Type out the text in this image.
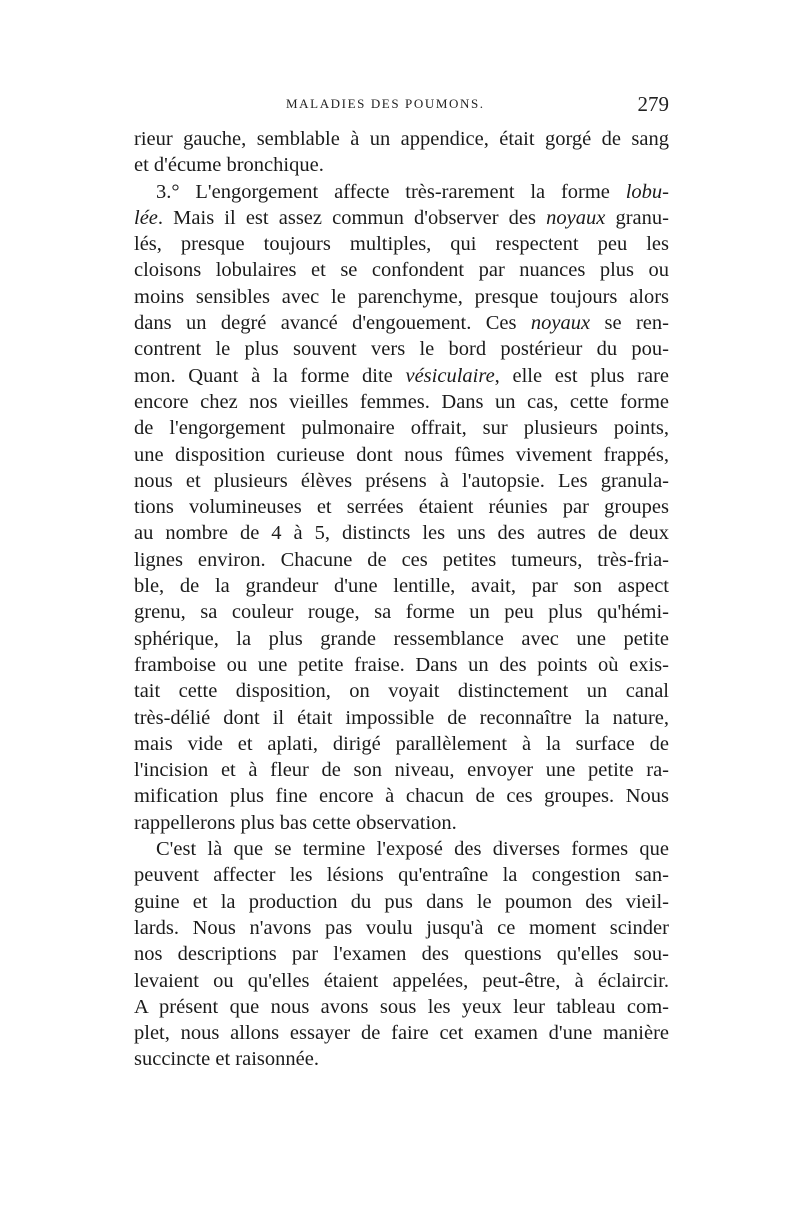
MALADIES DES POUMONS.	279
rieur gauche, semblable à un appendice, était gorgé de sang
et d'écume bronchique.
3.° L'engorgement affecte très-rarement la forme lobu-
lée. Mais il est assez commun d'observer des noyaux granu-
lés, presque toujours multiples, qui respectent peu les
cloisons lobulaires et se confondent par nuances plus ou
moins sensibles avec le parenchyme, presque toujours alors
dans un degré avancé d'engouement. Ces noyaux se ren-
contrent le plus souvent vers le bord postérieur du pou-
mon. Quant à la forme dite vésiculaire, elle est plus rare
encore chez nos vieilles femmes. Dans un cas, cette forme
de l'engorgement pulmonaire offrait, sur plusieurs points,
une disposition curieuse dont nous fûmes vivement frappés,
nous et plusieurs élèves présens à l'autopsie. Les granula-
tions volumineuses et serrées étaient réunies par groupes
au nombre de 4 à 5, distincts les uns des autres de deux
lignes environ. Chacune de ces petites tumeurs, très-fria-
ble, de la grandeur d'une lentille, avait, par son aspect
grenu, sa couleur rouge, sa forme un peu plus qu'hémi-
sphérique, la plus grande ressemblance avec une petite
framboise ou une petite fraise. Dans un des points où exis-
tait cette disposition, on voyait distinctement un canal
très-délié dont il était impossible de reconnaître la nature,
mais vide et aplati, dirigé parallèlement à la surface de
l'incision et à fleur de son niveau, envoyer une petite ra-
mification plus fine encore à chacun de ces groupes. Nous
rappellerons plus bas cette observation.
C'est là que se termine l'exposé des diverses formes que
peuvent affecter les lésions qu'entraîne la congestion san-
guine et la production du pus dans le poumon des vieil-
lards. Nous n'avons pas voulu jusqu'à ce moment scinder
nos descriptions par l'examen des questions qu'elles sou-
levaient ou qu'elles étaient appelées, peut-être, à éclaircir.
A présent que nous avons sous les yeux leur tableau com-
plet, nous allons essayer de faire cet examen d'une manière
succincte et raisonnée.
